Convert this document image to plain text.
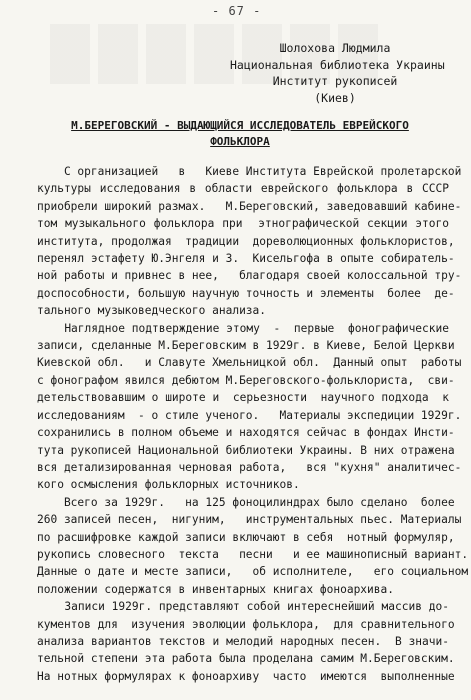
- 67 -
Шолохова Людмила
Национальная библиотека Украины
Институт рукописей
(Киев)
М.БЕРЕГОВСКИЙ - ВЫДАЮЩИЙСЯ ИССЛЕДОВАТЕЛЬ ЕВРЕЙСКОГО
ФОЛЬКЛОРА
С организацией   в   Киеве Института Еврейской пролетарской
культуры исследования в области еврейского фольклора в СССР
приобрели широкий размах.   М.Береговский, заведовавший кабине-
том музыкального фольклора при  этнографической секции этого
института, продолжая  традиции  дореволюционных фольклористов,
перенял эстафету Ю.Энгеля и З.  Кисельгофа в опыте собиратель-
ной работы и привнес в нее,   благодаря своей колоссальной тру-
доспособности, большую научную точность и элементы  более  де-
тального музыковедческого анализа.
Наглядное подтверждение этому  -  первые  фонографические
записи, сделанные М.Береговским в 1929г. в Киеве, Белой Церкви
Киевской обл.   и Славуте Хмельницкой обл.  Данный опыт  работы
с фонографом явился дебютом М.Береговского-фольклориста,  сви-
детельствовавшим о широте и  серьезности  научного подхода  к
исследованиям  - о стиле ученого.   Материалы экспедиции 1929г.
сохранились в полном объеме и находятся сейчас в фондах Инсти-
тута рукописей Национальной библиотеки Украины. В них отражена
вся детализированная черновая работа,   вся "кухня" аналитичес-
кого осмысления фольклорных источников.
Всего за 1929г.   на 125 фоноцилиндрах было сделано  более
260 записей песен,  нигуним,   инструментальных пьес. Материалы
по расшифровке каждой записи включают в себя  нотный формуляр,
рукопись словесного  текста   песни   и ее машинописный вариант.
Данные о дате и месте записи,   об исполнителе,   его социальном
положении содержатся в инвентарных книгах фоноархива.
Записи 1929г. представляют собой интереснейший массив до-
кументов для  изучения эволюции фольклора,  для сравнительного
анализа вариантов текстов и мелодий народных песен.  В значи-
тельной степени эта работа была проделана самим М.Береговским.
На нотных формулярах к фоноархиву  часто  имеются  выполненные
